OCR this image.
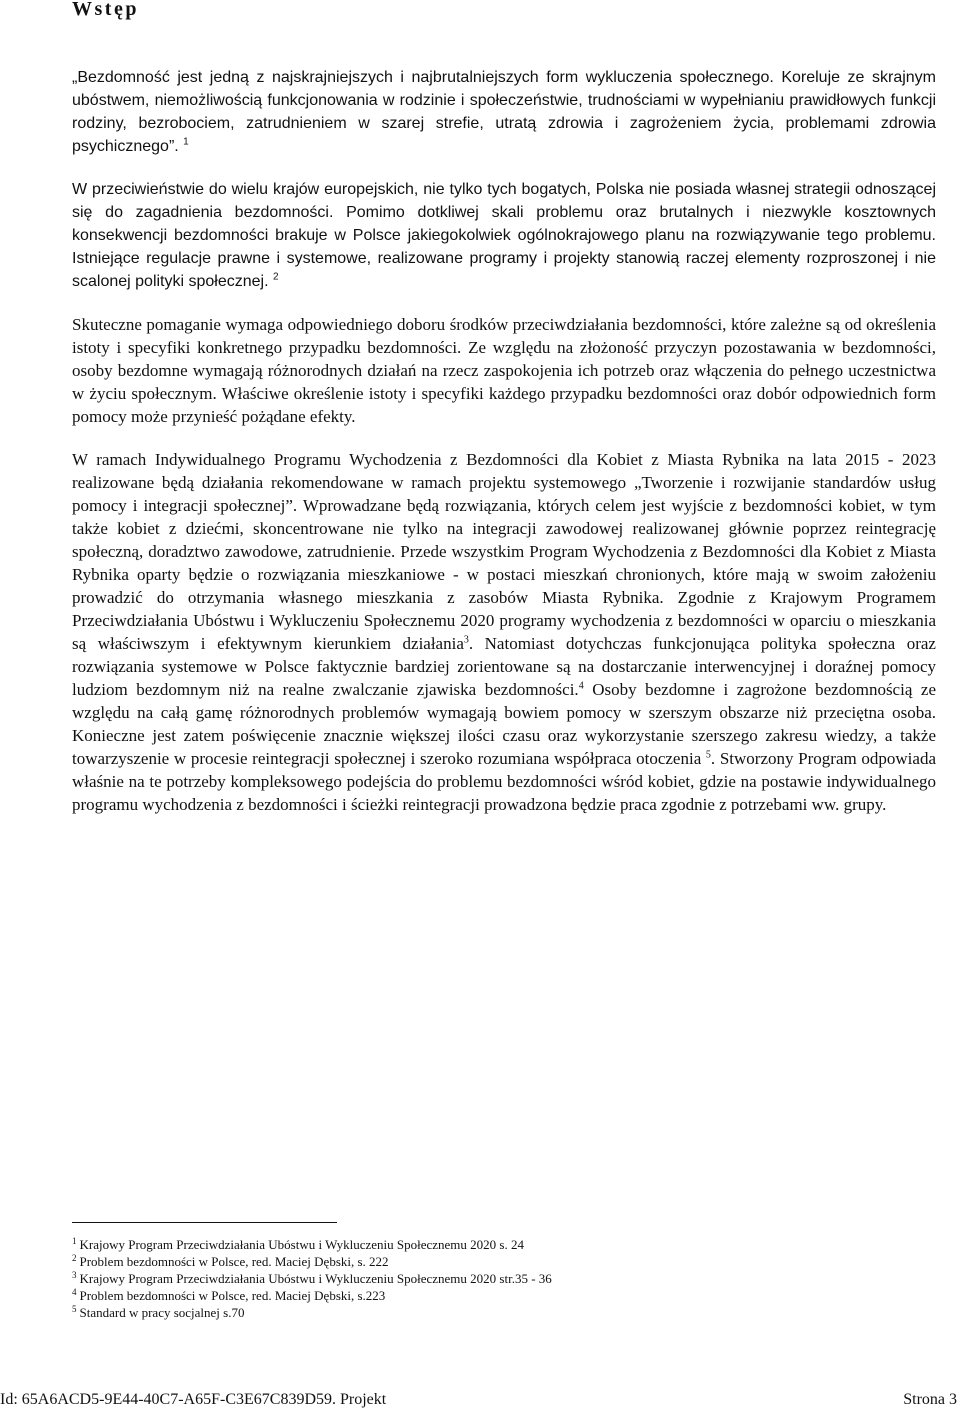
Wstęp

„Bezdomność jest jedną z najskrajniejszych i najbrutalniejszych form wykluczenia społecznego. Koreluje ze skrajnym ubóstwem, niemożliwością funkcjonowania w rodzinie i społeczeństwie, trudnościami w wypełnianiu prawidłowych funkcji rodziny, bezrobociem, zatrudnieniem w szarej strefie, utratą zdrowia i zagrożeniem życia, problemami zdrowia psychicznego”. $^1$

W przeciwieństwie do wielu krajów europejskich, nie tylko tych bogatych, Polska nie posiada własnej strategii odnoszącej się do zagadnienia bezdomności. Pomimo dotkliwej skali problemu oraz brutalnych i niezwykle kosztownych konsekwencji bezdomności brakuje w Polsce jakiegokolwiek ogólnokrajowego planu na rozwiązywanie tego problemu. Istniejące regulacje prawne i systemowe, realizowane programy i projekty stanowią raczej elementy rozproszonej i nie scalonej polityki społecznej. $^2$

Skuteczne pomaganie wymaga odpowiedniego doboru środków przeciwdziałania bezdomności, które zależne są od określenia istoty i specyfiki konkretnego przypadku bezdomności. Ze względu na złożoność przyczyn pozostawania w bezdomności, osoby bezdomne wymagają różnorodnych działań na rzecz zaspokojenia ich potrzeb oraz włączenia do pełnego uczestnictwa w życiu społecznym. Właściwe określenie istoty i specyfiki każdego przypadku bezdomności oraz dobór odpowiednich form pomocy może przynieść pożądane efekty.

W ramach Indywidualnego Programu Wychodzenia z Bezdomności dla Kobiet z Miasta Rybnika na lata 2015 - 2023 realizowane będą działania rekomendowane w ramach projektu systemowego „Tworzenie i rozwijanie standardów usług pomocy i integracji społecznej”. Wprowadzane będą rozwiązania, których celem jest wyjście z bezdomności kobiet, w tym także kobiet z dziećmi, skoncentrowane nie tylko na integracji zawodowej realizowanej głównie poprzez reintegrację społeczną, doradztwo zawodowe, zatrudnienie. Przede wszystkim Program Wychodzenia z Bezdomności dla Kobiet z Miasta Rybnika oparty będzie o rozwiązania mieszkaniowe - w postaci mieszkań chronionych, które mają w swoim założeniu prowadzić do otrzymania własnego mieszkania z zasobów Miasta Rybnika. Zgodnie z Krajowym Programem Przeciwdziałania Ubóstwu i Wykluczeniu Społecznemu 2020 programy wychodzenia z bezdomności w oparciu o mieszkania są właściwszym i efektywnym kierunkiem działania$^3$. Natomiast dotychczas funkcjonująca polityka społeczna oraz rozwiązania systemowe w Polsce faktycznie bardziej zorientowane są na dostarczanie interwencyjnej i doraźnej pomocy ludziom bezdomnym niż na realne zwalczanie zjawiska bezdomności.$^4$ Osoby bezdomne i zagrożone bezdomnością ze względu na całą gamę różnorodnych problemów wymagają bowiem pomocy w szerszym obszarze niż przeciętna osoba. Konieczne jest zatem poświęcenie znacznie większej ilości czasu oraz wykorzystanie szerszego zakresu wiedzy, a także towarzyszenie w procesie reintegracji społecznej i szeroko rozumiana współpraca otoczenia $^5$. Stworzony Program odpowiada właśnie na te potrzeby kompleksowego podejścia do problemu bezdomności wśród kobiet, gdzie na postawie indywidualnego programu wychodzenia z bezdomności i ścieżki reintegracji prowadzona będzie praca zgodnie z potrzebami ww. grupy.

$^1$ Krajowy Program Przeciwdziałania Ubóstwu i Wykluczeniu Społecznemu 2020 s. 24
$^2$ Problem bezdomności w Polsce, red. Maciej Dębski, s. 222
$^3$ Krajowy Program Przeciwdziałania Ubóstwu i Wykluczeniu Społecznemu 2020 str.35 - 36
$^4$ Problem bezdomności w Polsce, red. Maciej Dębski, s.223
$^5$ Standard w pracy socjalnej s.70
Id: 65A6ACD5-9E44-40C7-A65F-C3E67C839D59. Projekt	Strona 3
